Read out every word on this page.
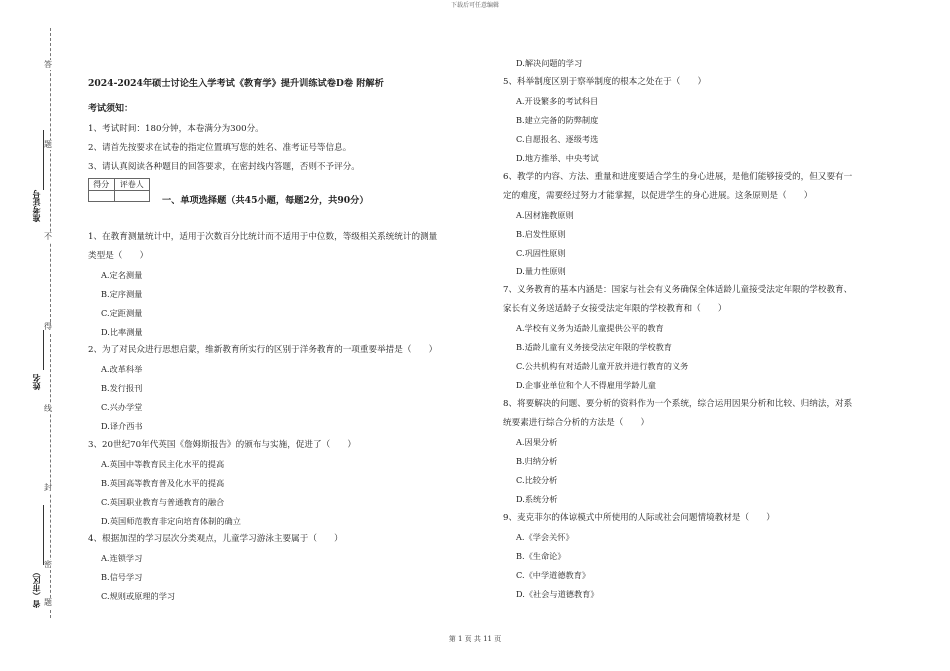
下载后可任意编辑
答
题
不
得
线
封
密
题
准考证号
姓名
省（市区）
2024-2024年硕士讨论生入学考试《教育学》提升训练试卷D卷 附解析
考试须知：
1、考试时间：180分钟，本卷满分为300分。
2、请首先按要求在试卷的指定位置填写您的姓名、准考证号等信息。
3、请认真阅读各种题目的回答要求，在密封线内答题，否则不予评分。
得分	评卷人

一、单项选择题（共45小题，每题2分，共90分）
1、在教育测量统计中，适用于次数百分比统计而不适用于中位数，等级相关系统统计的测量
类型是（　　）
A.定名测量
B.定序测量
C.定距测量
D.比率测量
2、为了对民众进行思想启蒙，维新教育所实行的区别于洋务教育的一项重要举措是（　　）
A.改革科举
B.发行报刊
C.兴办学堂
D.译介西书
3、20世纪70年代英国《詹姆斯报告》的颁布与实施，促进了（　　）
A.英国中等教育民主化水平的提高
B.英国高等教育普及化水平的提高
C.英国职业教育与普通教育的融合
D.英国师范教育非定向培育体制的确立
4、根据加涅的学习层次分类观点，儿童学习游泳主要属于（　　）
A.连锁学习
B.信号学习
C.规则或原理的学习
D.解决问题的学习
5、科举制度区别于察举制度的根本之处在于（　　）
A.开设繁多的考试科目
B.建立完备的防弊制度
C.自愿报名、逐级考选
D.地方推举、中央考试
6、教学的内容、方法、重量和进度要适合学生的身心进展，是他们能够接受的，但又要有一
定的难度，需要经过努力才能掌握，以促进学生的身心进展。这条原则是（　　）
A.因材施教原则
B.启发性原则
C.巩固性原则
D.量力性原则
7、义务教育的基本内涵是：国家与社会有义务确保全体适龄儿童接受法定年限的学校教育、
家长有义务送适龄子女接受法定年限的学校教育和（　　）
A.学校有义务为适龄儿童提供公平的教育
B.适龄儿童有义务接受法定年限的学校教育
C.公共机构有对适龄儿童开放并进行教育的义务
D.企事业单位和个人不得雇用学龄儿童
8、将要解决的问题、要分析的资料作为一个系统，综合运用因果分析和比较、归纳法，对系
统要素进行综合分析的方法是（　　）
A.因果分析
B.归纳分析
C.比较分析
D.系统分析
9、麦克菲尔的体谅模式中所使用的人际或社会问题情境教材是（　　）
A.《学会关怀》
B.《生命论》
C.《中学道德教育》
D.《社会与道德教育》
第 1 页 共 11 页
